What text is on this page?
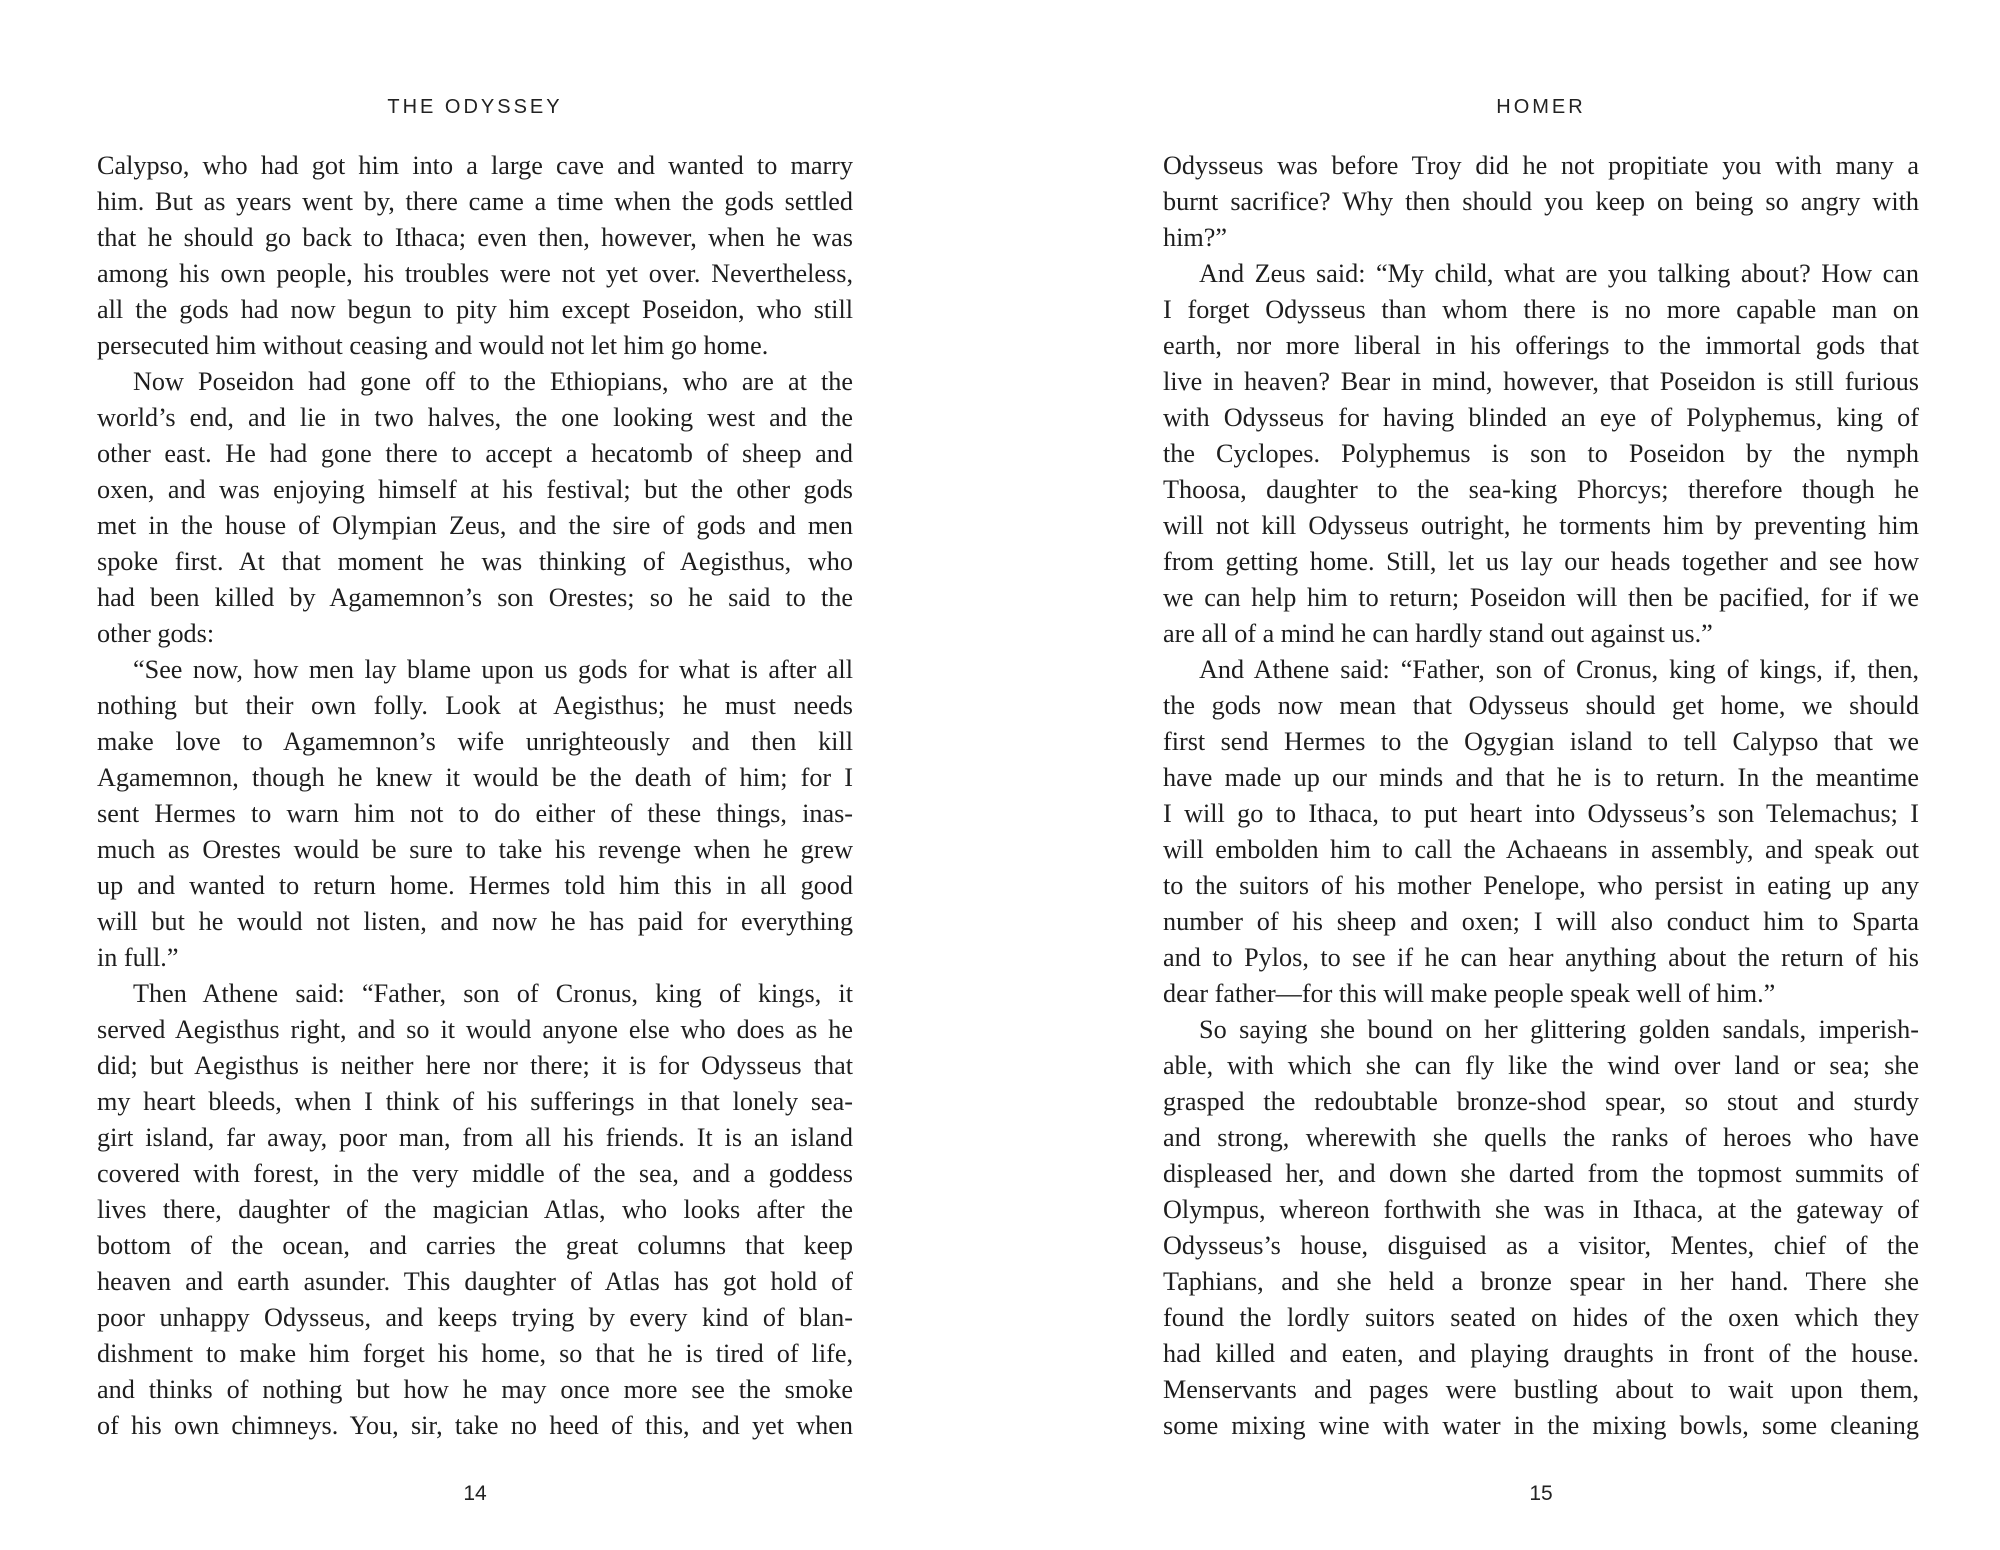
THE ODYSSEY
Calypso, who had got him into a large cave and wanted to marry
him. But as years went by, there came a time when the gods settled
that he should go back to Ithaca; even then, however, when he was
among his own people, his troubles were not yet over. Nevertheless,
all the gods had now begun to pity him except Poseidon, who still
persecuted him without ceasing and would not let him go home.
Now Poseidon had gone off to the Ethiopians, who are at the
world’s end, and lie in two halves, the one looking west and the
other east. He had gone there to accept a hecatomb of sheep and
oxen, and was enjoying himself at his festival; but the other gods
met in the house of Olympian Zeus, and the sire of gods and men
spoke first. At that moment he was thinking of Aegisthus, who
had been killed by Agamemnon’s son Orestes; so he said to the
other gods:
“See now, how men lay blame upon us gods for what is after all
nothing but their own folly. Look at Aegisthus; he must needs
make love to Agamemnon’s wife unrighteously and then kill
Agamemnon, though he knew it would be the death of him; for I
sent Hermes to warn him not to do either of these things, inas-
much as Orestes would be sure to take his revenge when he grew
up and wanted to return home. Hermes told him this in all good
will but he would not listen, and now he has paid for everything
in full.”
Then Athene said: “Father, son of Cronus, king of kings, it
served Aegisthus right, and so it would anyone else who does as he
did; but Aegisthus is neither here nor there; it is for Odysseus that
my heart bleeds, when I think of his sufferings in that lonely sea-
girt island, far away, poor man, from all his friends. It is an island
covered with forest, in the very middle of the sea, and a goddess
lives there, daughter of the magician Atlas, who looks after the
bottom of the ocean, and carries the great columns that keep
heaven and earth asunder. This daughter of Atlas has got hold of
poor unhappy Odysseus, and keeps trying by every kind of blan-
dishment to make him forget his home, so that he is tired of life,
and thinks of nothing but how he may once more see the smoke
of his own chimneys. You, sir, take no heed of this, and yet when
14
HOMER
Odysseus was before Troy did he not propitiate you with many a
burnt sacrifice? Why then should you keep on being so angry with
him?”
And Zeus said: “My child, what are you talking about? How can
I forget Odysseus than whom there is no more capable man on
earth, nor more liberal in his offerings to the immortal gods that
live in heaven? Bear in mind, however, that Poseidon is still furious
with Odysseus for having blinded an eye of Polyphemus, king of
the Cyclopes. Polyphemus is son to Poseidon by the nymph
Thoosa, daughter to the sea-king Phorcys; therefore though he
will not kill Odysseus outright, he torments him by preventing him
from getting home. Still, let us lay our heads together and see how
we can help him to return; Poseidon will then be pacified, for if we
are all of a mind he can hardly stand out against us.”
And Athene said: “Father, son of Cronus, king of kings, if, then,
the gods now mean that Odysseus should get home, we should
first send Hermes to the Ogygian island to tell Calypso that we
have made up our minds and that he is to return. In the meantime
I will go to Ithaca, to put heart into Odysseus’s son Telemachus; I
will embolden him to call the Achaeans in assembly, and speak out
to the suitors of his mother Penelope, who persist in eating up any
number of his sheep and oxen; I will also conduct him to Sparta
and to Pylos, to see if he can hear anything about the return of his
dear father—for this will make people speak well of him.”
So saying she bound on her glittering golden sandals, imperish-
able, with which she can fly like the wind over land or sea; she
grasped the redoubtable bronze-shod spear, so stout and sturdy
and strong, wherewith she quells the ranks of heroes who have
displeased her, and down she darted from the topmost summits of
Olympus, whereon forthwith she was in Ithaca, at the gateway of
Odysseus’s house, disguised as a visitor, Mentes, chief of the
Taphians, and she held a bronze spear in her hand. There she
found the lordly suitors seated on hides of the oxen which they
had killed and eaten, and playing draughts in front of the house.
Menservants and pages were bustling about to wait upon them,
some mixing wine with water in the mixing bowls, some cleaning
15
